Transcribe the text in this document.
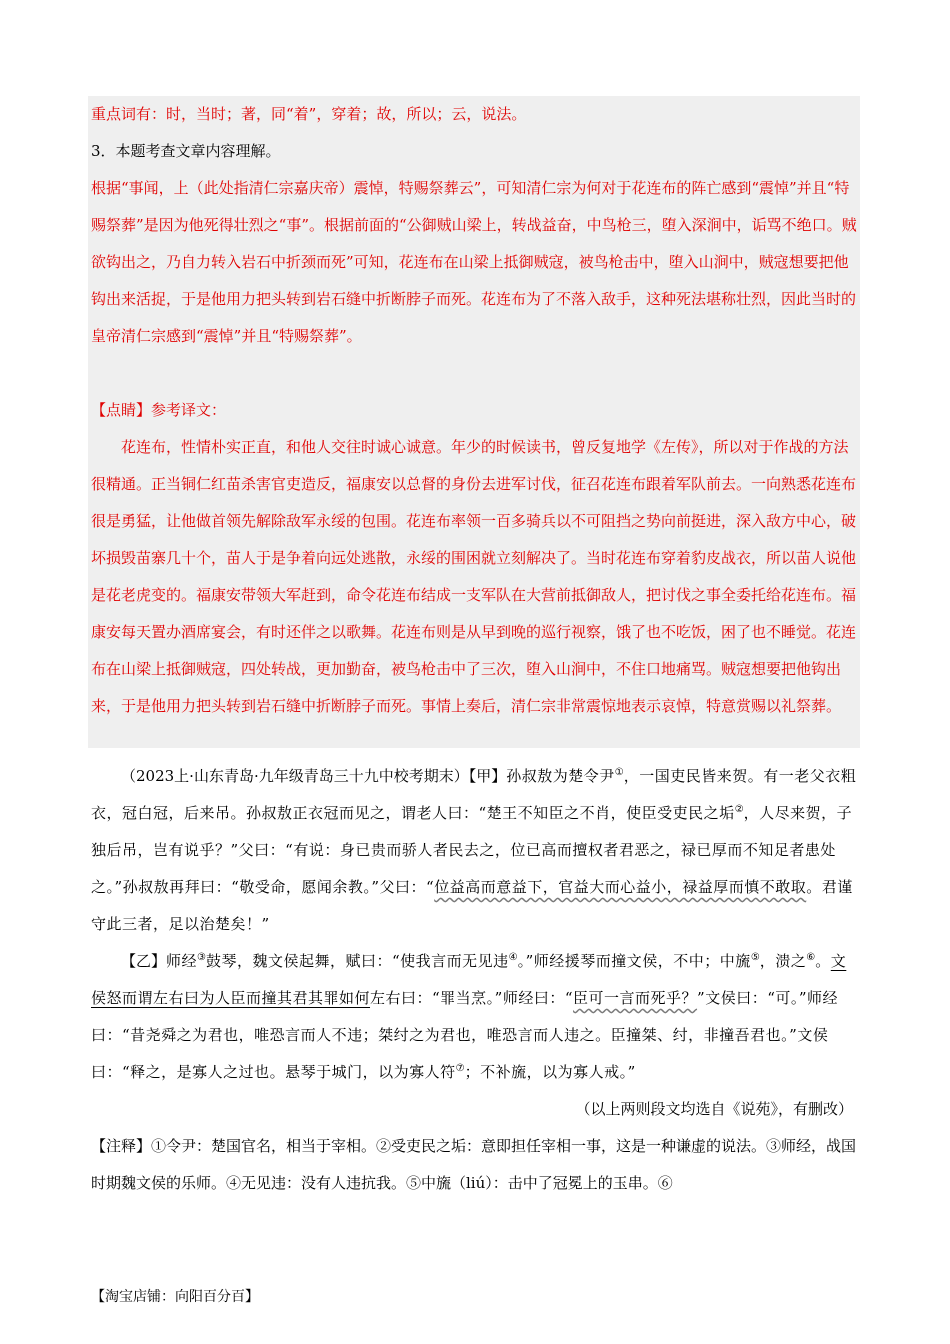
重点词有：时，当时；著，同“着”，穿着；故，所以；云，说法。

3．本题考查文章内容理解。

根据“事闻，上（此处指清仁宗嘉庆帝）震悼，特赐祭葬云”，可知清仁宗为何对于花连布的阵亡感到“震悼”并且“特赐祭葬”是因为他死得壮烈之“事”。根据前面的“公御贼山梁上，转战益奋，中鸟枪三，堕入深涧中，诟骂不绝口。贼欲钩出之，乃自力转入岩石中折颈而死”可知，花连布在山梁上抵御贼寇，被鸟枪击中，堕入山涧中，贼寇想要把他钩出来活捉，于是他用力把头转到岩石缝中折断脖子而死。花连布为了不落入敌手，这种死法堪称壮烈，因此当时的皇帝清仁宗感到“震悼”并且“特赐祭葬”。

【点睛】参考译文：

花连布，性情朴实正直，和他人交往时诚心诚意。年少的时候读书，曾反复地学《左传》，所以对于作战的方法很精通。正当铜仁红苗杀害官吏造反，福康安以总督的身份去进军讨伐，征召花连布跟着军队前去。一向熟悉花连布很是勇猛，让他做首领先解除敌军永绥的包围。花连布率领一百多骑兵以不可阻挡之势向前挺进，深入敌方中心，破坏损毁苗寨几十个，苗人于是争着向远处逃散，永绥的围困就立刻解决了。当时花连布穿着豹皮战衣，所以苗人说他是花老虎变的。福康安带领大军赶到，命令花连布结成一支军队在大营前抵御敌人，把讨伐之事全委托给花连布。福康安每天置办酒席宴会，有时还伴之以歌舞。花连布则是从早到晚的巡行视察，饿了也不吃饭，困了也不睡觉。花连布在山梁上抵御贼寇，四处转战，更加勤奋，被鸟枪击中了三次，堕入山涧中，不住口地痛骂。贼寇想要把他钩出来，于是他用力把头转到岩石缝中折断脖子而死。事情上奏后，清仁宗非常震惊地表示哀悼，特意赏赐以礼祭葬。

（2023上·山东青岛·九年级青岛三十九中校考期末）【甲】孙叔敖为楚令尹①，一国吏民皆来贺。有一老父衣粗衣，冠白冠，后来吊。孙叔敖正衣冠而见之，谓老人曰：“楚王不知臣之不肖，使臣受吏民之垢②，人尽来贺，子独后吊，岂有说乎？”父曰：“有说：身已贵而骄人者民去之，位已高而擅权者君恶之，禄已厚而不知足者患处之。”孙叔敖再拜曰：“敬受命，愿闻余教。”父曰：“位益高而意益下，官益大而心益小，禄益厚而慎不敢取。君谨守此三者，足以治楚矣！”

【乙】师经③鼓琴，魏文侯起舞，赋曰：“使我言而无见违④。”师经援琴而撞文侯，不中；中旒⑤，溃之⑥。文侯怒而谓左右曰为人臣而撞其君其罪如何左右曰：“罪当烹。”师经曰：“臣可一言而死乎？”文侯曰：“可。”师经曰：“昔尧舜之为君也，唯恐言而人不违；桀纣之为君也，唯恐言而人违之。臣撞桀、纣，非撞吾君也。”文侯曰：“释之，是寡人之过也。悬琴于城门，以为寡人符⑦；不补旒，以为寡人戒。”

（以上两则段文均选自《说苑》，有删改）

【注释】①令尹：楚国官名，相当于宰相。②受吏民之垢：意即担任宰相一事，这是一种谦虚的说法。③师经，战国时期魏文侯的乐师。④无见违：没有人违抗我。⑤中旒（liú）：击中了冠冕上的玉串。⑥

【淘宝店铺：向阳百分百】
